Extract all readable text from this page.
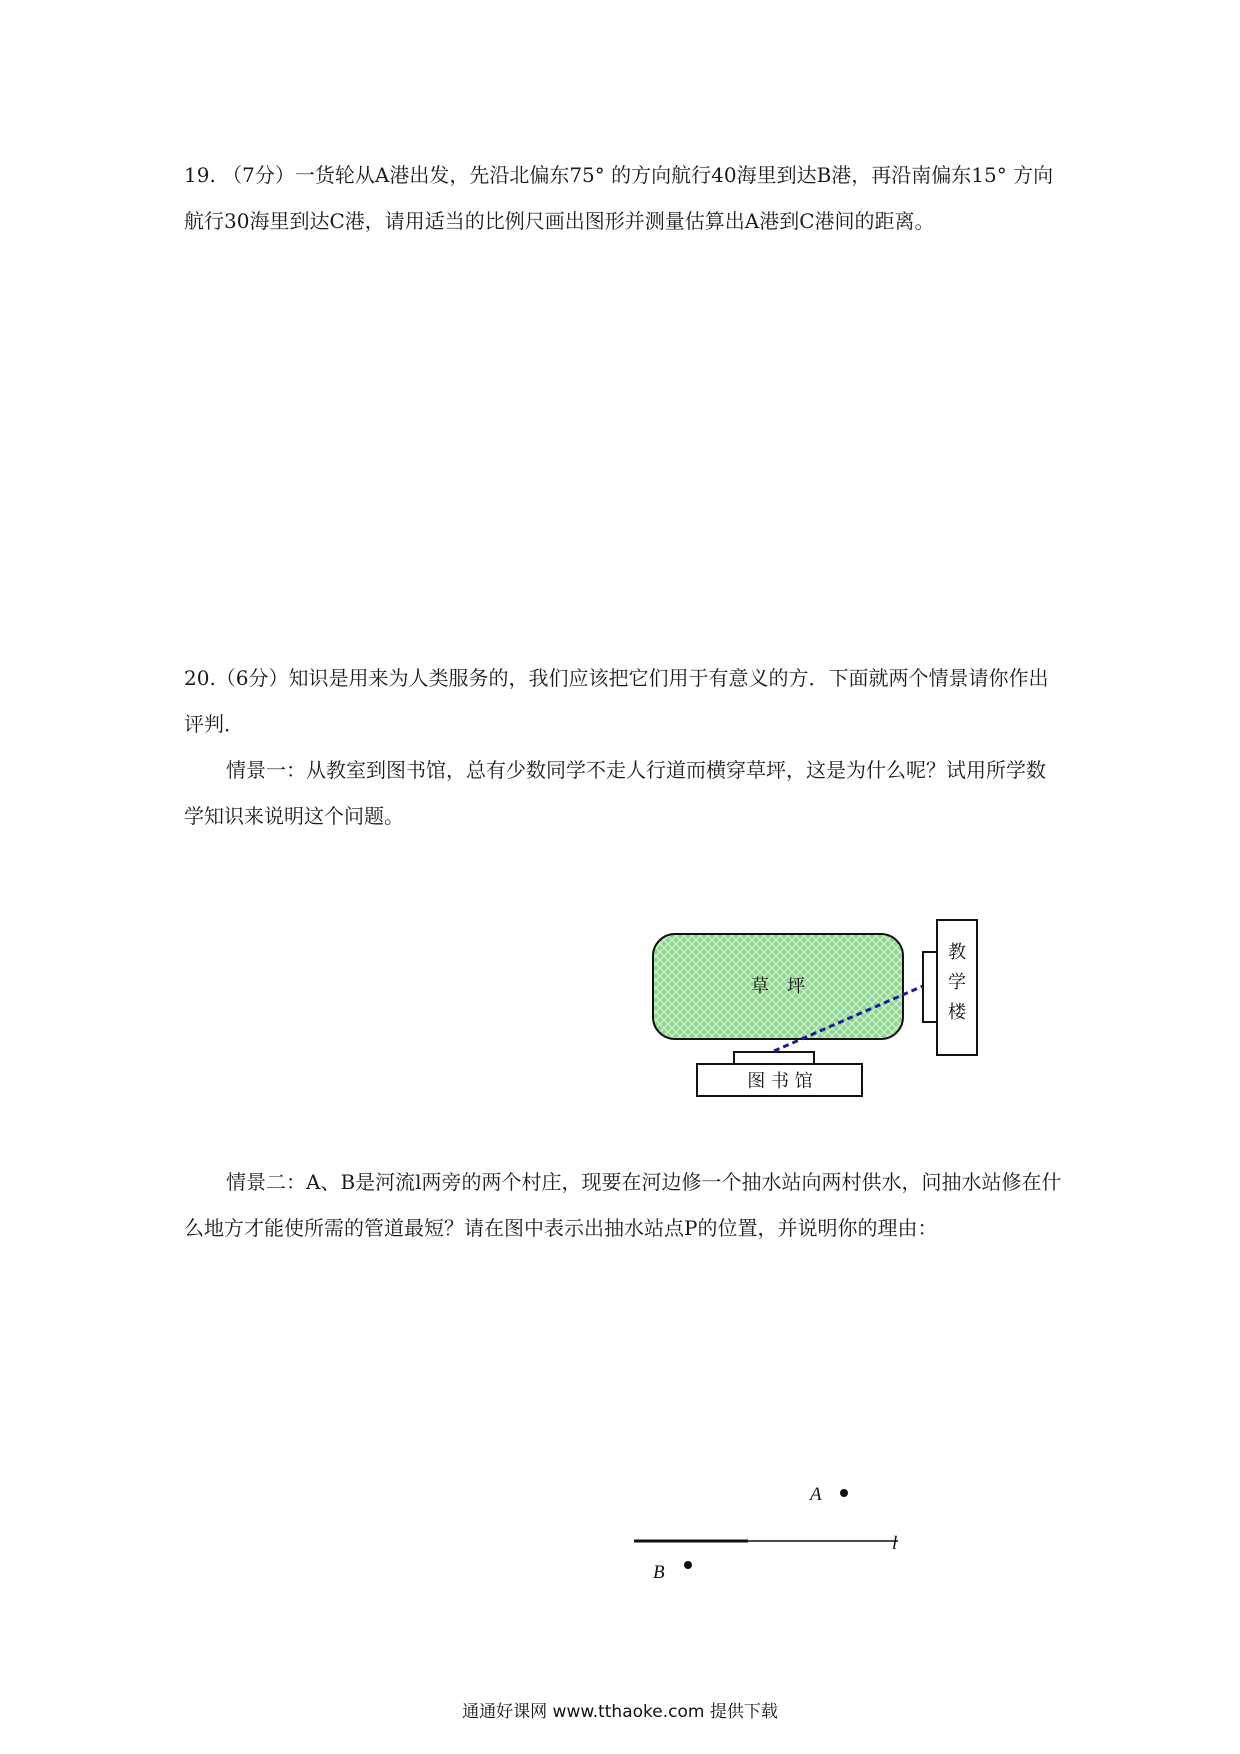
19. （7分）一货轮从A港出发，先沿北偏东75° 的方向航行40海里到达B港，再沿南偏东15° 方向航行30海里到达C港，请用适当的比例尺画出图形并测量估算出A港到C港间的距离。

20.（6分）知识是用来为人类服务的，我们应该把它们用于有意义的方．下面就两个情景请你作出评判．

情景一：从教室到图书馆，总有少数同学不走人行道而横穿草坪，这是为什么呢？试用所学数学知识来说明这个问题。

草　坪
教
学
楼
图 书 馆

情景二：A、B是河流l两旁的两个村庄，现要在河边修一个抽水站向两村供水，问抽水站修在什么地方才能使所需的管道最短？请在图中表示出抽水站点P的位置，并说明你的理由：

A
l
B
通通好课网 www.tthaoke.com 提供下载
